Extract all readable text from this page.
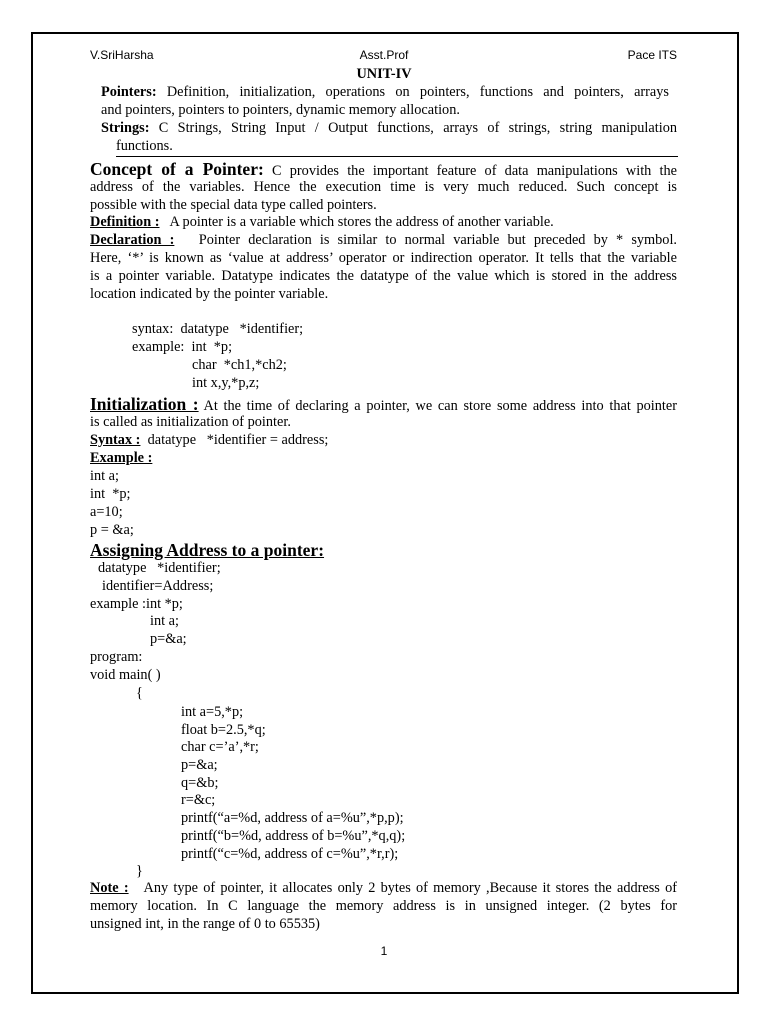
V.SriHarsha	Asst.Prof	Pace ITS
UNIT-IV
Pointers: Definition, initialization, operations on pointers, functions and pointers, arrays
and pointers, pointers to pointers, dynamic memory allocation.
Strings: C Strings, String Input / Output functions, arrays of strings, string manipulation
functions.
Concept of a Pointer: C provides the important feature of data manipulations with the
address of the variables. Hence the execution time is very much reduced. Such concept is
possible with the special data type called pointers.
Definition : A pointer is a variable which stores the address of another variable.
Declaration : Pointer declaration is similar to normal variable but preceded by * symbol.
Here, ‘*’ is known as ‘value at address’ operator or indirection operator. It tells that the variable
is a pointer variable. Datatype indicates the datatype of the value which is stored in the address
location indicated by the pointer variable.
syntax:  datatype   *identifier;
example:  int  *p;
char  *ch1,*ch2;
int x,y,*p,z;
Initialization : At the time of declaring a pointer, we can store some address into that pointer
is called as initialization of pointer.
Syntax : datatype   *identifier = address;
Example :
int a;
int  *p;
a=10;
p = &a;
Assigning Address to a pointer:
datatype   *identifier;
identifier=Address;
example :int *p;
int a;
p=&a;
program:
void main( )
{
int a=5,*p;
float b=2.5,*q;
char c=’a’,*r;
p=&a;
q=&b;
r=&c;
printf(“a=%d, address of a=%u”,*p,p);
printf(“b=%d, address of b=%u”,*q,q);
printf(“c=%d, address of c=%u”,*r,r);
}
Note : Any type of pointer, it allocates only 2 bytes of memory ,Because it stores the address of
memory location. In C language the memory address is in unsigned integer. (2 bytes for
unsigned int, in the range of 0 to 65535)
1
